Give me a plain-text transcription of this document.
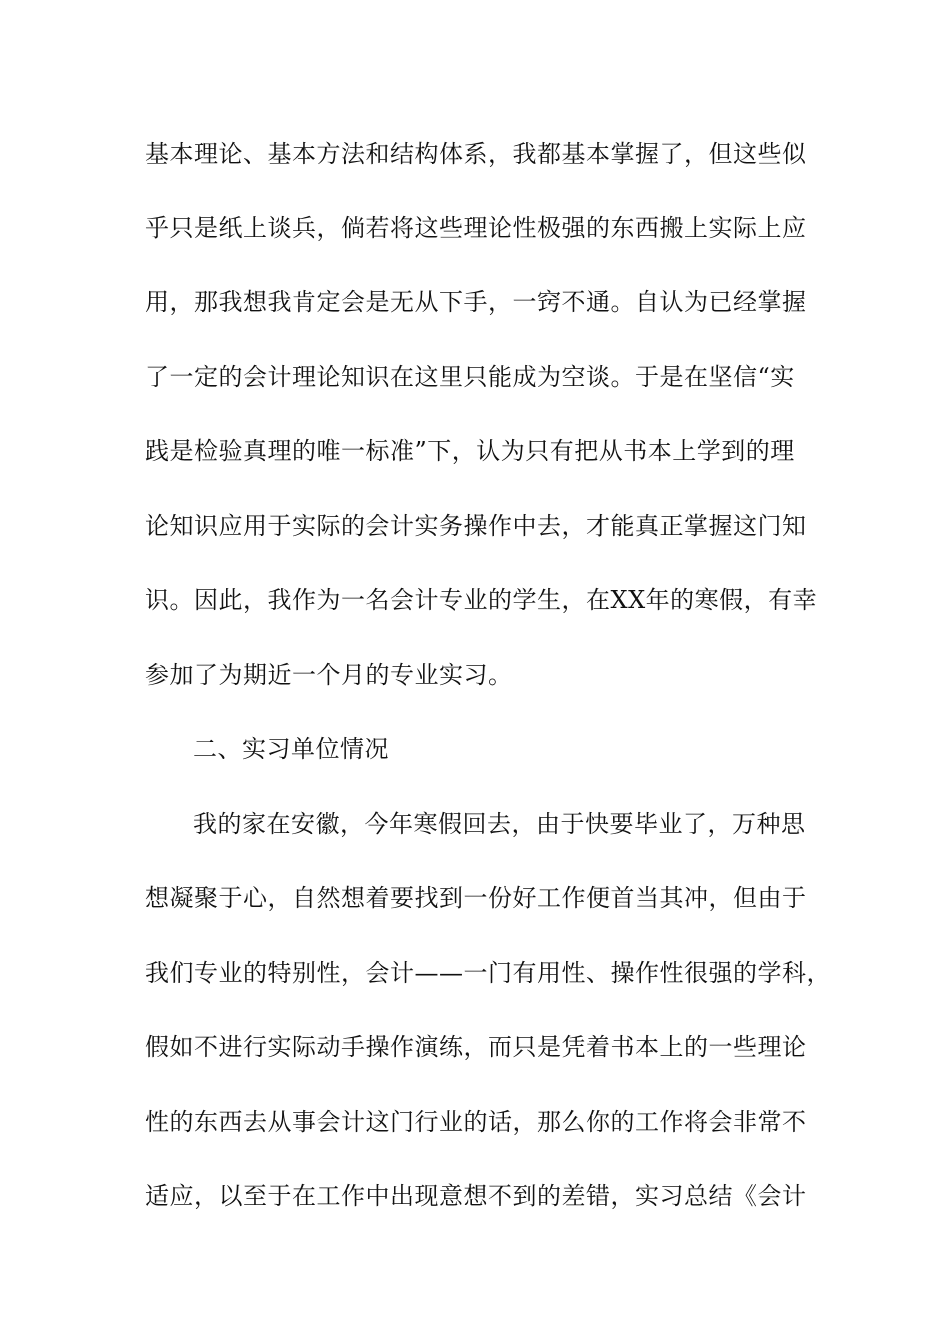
基本理论、基本方法和结构体系，我都基本掌握了，但这些似
乎只是纸上谈兵，倘若将这些理论性极强的东西搬上实际上应
用，那我想我肯定会是无从下手，一窍不通。自认为已经掌握
了一定的会计理论知识在这里只能成为空谈。于是在坚信“实
践是检验真理的唯一标准”下，认为只有把从书本上学到的理
论知识应用于实际的会计实务操作中去，才能真正掌握这门知
识。因此，我作为一名会计专业的学生，在XX年的寒假，有幸
参加了为期近一个月的专业实习。
二、实习单位情况
我的家在安徽，今年寒假回去，由于快要毕业了，万种思
想凝聚于心，自然想着要找到一份好工作便首当其冲，但由于
我们专业的特别性，会计——一门有用性、操作性很强的学科，
假如不进行实际动手操作演练，而只是凭着书本上的一些理论
性的东西去从事会计这门行业的话，那么你的工作将会非常不
适应，以至于在工作中出现意想不到的差错，实习总结《会计
